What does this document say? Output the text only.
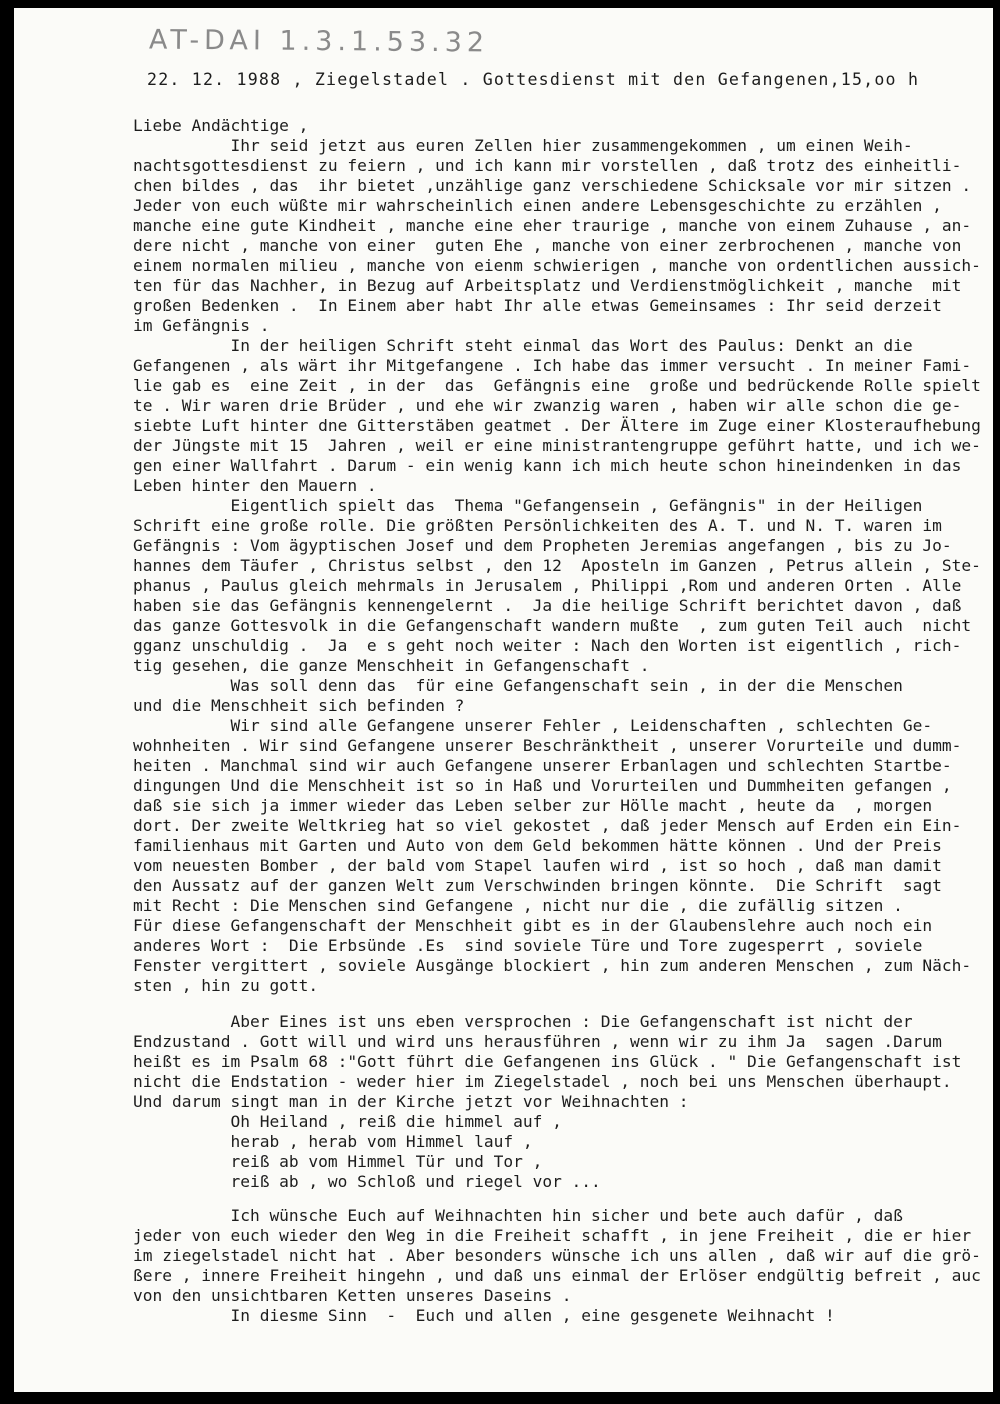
AT-DAI 1.3.1.53.32
22. 12. 1988 , Ziegelstadel . Gottesdienst mit den Gefangenen,15,oo h
Liebe Andächtige ,
Ihr seid jetzt aus euren Zellen hier zusammengekommen , um einen Weih-
nachtsgottesdienst zu feiern , und ich kann mir vorstellen , daß trotz des einheitli-
chen bildes , das  ihr bietet ,unzählige ganz verschiedene Schicksale vor mir sitzen .
Jeder von euch wüßte mir wahrscheinlich einen andere Lebensgeschichte zu erzählen ,
manche eine gute Kindheit , manche eine eher traurige , manche von einem Zuhause , an-
dere nicht , manche von einer  guten Ehe , manche von einer zerbrochenen , manche von
einem normalen milieu , manche von eienm schwierigen , manche von ordentlichen aussich-
ten für das Nachher, in Bezug auf Arbeitsplatz und Verdienstmöglichkeit , manche  mit
großen Bedenken .  In Einem aber habt Ihr alle etwas Gemeinsames : Ihr seid derzeit
im Gefängnis .
In der heiligen Schrift steht einmal das Wort des Paulus: Denkt an die
Gefangenen , als wärt ihr Mitgefangene . Ich habe das immer versucht . In meiner Fami-
lie gab es  eine Zeit , in der  das  Gefängnis eine  große und bedrückende Rolle spielt
te . Wir waren drie Brüder , und ehe wir zwanzig waren , haben wir alle schon die ge-
siebte Luft hinter dne Gitterstäben geatmet . Der Ältere im Zuge einer Klosteraufhebung
der Jüngste mit 15  Jahren , weil er eine ministrantengruppe geführt hatte, und ich we-
gen einer Wallfahrt . Darum - ein wenig kann ich mich heute schon hineindenken in das
Leben hinter den Mauern .
Eigentlich spielt das  Thema "Gefangensein , Gefängnis" in der Heiligen
Schrift eine große rolle. Die größten Persönlichkeiten des A. T. und N. T. waren im
Gefängnis : Vom ägyptischen Josef und dem Propheten Jeremias angefangen , bis zu Jo-
hannes dem Täufer , Christus selbst , den 12  Aposteln im Ganzen , Petrus allein , Ste-
phanus , Paulus gleich mehrmals in Jerusalem , Philippi ,Rom und anderen Orten . Alle
haben sie das Gefängnis kennengelernt .  Ja die heilige Schrift berichtet davon , daß
das ganze Gottesvolk in die Gefangenschaft wandern mußte  , zum guten Teil auch  nicht
gganz unschuldig .  Ja  e s geht noch weiter : Nach den Worten ist eigentlich , rich-
tig gesehen, die ganze Menschheit in Gefangenschaft .
Was soll denn das  für eine Gefangenschaft sein , in der die Menschen
und die Menschheit sich befinden ?
Wir sind alle Gefangene unserer Fehler , Leidenschaften , schlechten Ge-
wohnheiten . Wir sind Gefangene unserer Beschränktheit , unserer Vorurteile und dumm-
heiten . Manchmal sind wir auch Gefangene unserer Erbanlagen und schlechten Startbe-
dingungen Und die Menschheit ist so in Haß und Vorurteilen und Dummheiten gefangen ,
daß sie sich ja immer wieder das Leben selber zur Hölle macht , heute da  , morgen
dort. Der zweite Weltkrieg hat so viel gekostet , daß jeder Mensch auf Erden ein Ein-
familienhaus mit Garten und Auto von dem Geld bekommen hätte können . Und der Preis
vom neuesten Bomber , der bald vom Stapel laufen wird , ist so hoch , daß man damit
den Aussatz auf der ganzen Welt zum Verschwinden bringen könnte.  Die Schrift  sagt
mit Recht : Die Menschen sind Gefangene , nicht nur die , die zufällig sitzen .
Für diese Gefangenschaft der Menschheit gibt es in der Glaubenslehre auch noch ein
anderes Wort :  Die Erbsünde .Es  sind soviele Türe und Tore zugesperrt , soviele
Fenster vergittert , soviele Ausgänge blockiert , hin zum anderen Menschen , zum Näch-
sten , hin zu gott.
Aber Eines ist uns eben versprochen : Die Gefangenschaft ist nicht der
Endzustand . Gott will und wird uns herausführen , wenn wir zu ihm Ja  sagen .Darum
heißt es im Psalm 68 :"Gott führt die Gefangenen ins Glück . " Die Gefangenschaft ist
nicht die Endstation - weder hier im Ziegelstadel , noch bei uns Menschen überhaupt.
Und darum singt man in der Kirche jetzt vor Weihnachten :
Oh Heiland , reiß die himmel auf ,
herab , herab vom Himmel lauf ,
reiß ab vom Himmel Tür und Tor ,
reiß ab , wo Schloß und riegel vor ...
Ich wünsche Euch auf Weihnachten hin sicher und bete auch dafür , daß
jeder von euch wieder den Weg in die Freiheit schafft , in jene Freiheit , die er hier
im ziegelstadel nicht hat . Aber besonders wünsche ich uns allen , daß wir auf die grö-
ßere , innere Freiheit hingehn , und daß uns einmal der Erlöser endgültig befreit , auc
von den unsichtbaren Ketten unseres Daseins .
In diesme Sinn  -  Euch und allen , eine gesgenete Weihnacht !
